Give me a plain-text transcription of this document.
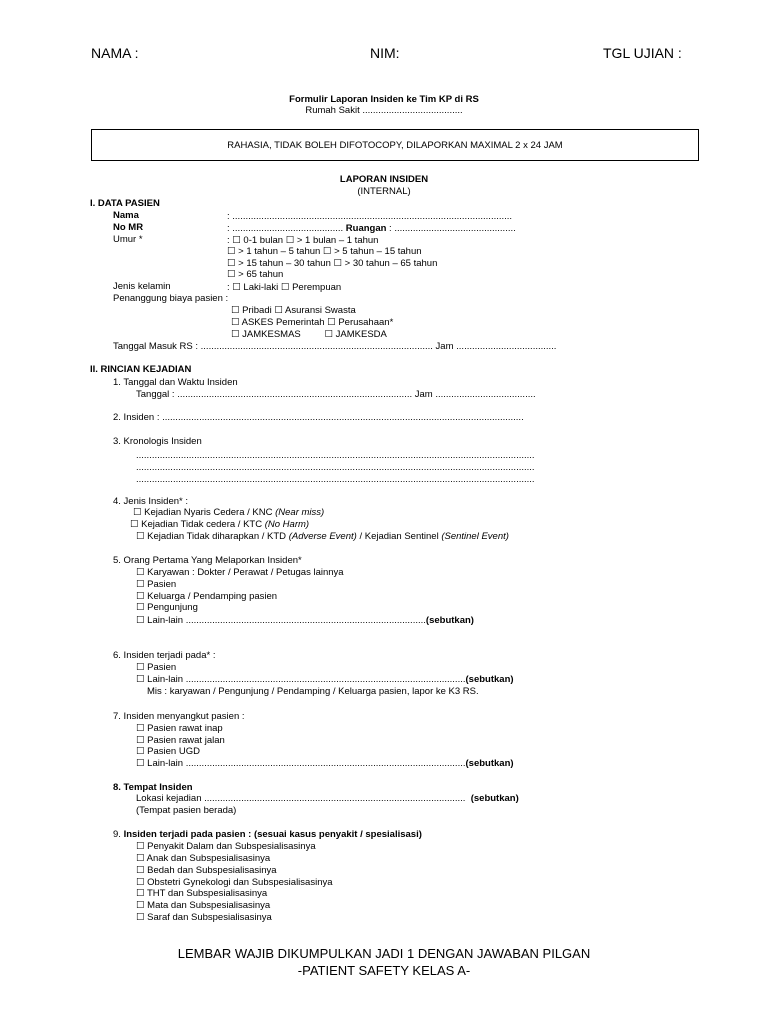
NAMA :	NIM:	TGL UJIAN :
Formulir Laporan Insiden ke Tim KP di RS
Rumah Sakit ......................................
RAHASIA, TIDAK BOLEH DIFOTOCOPY, DILAPORKAN MAXIMAL 2 x 24 JAM
LAPORAN INSIDEN
(INTERNAL)
I. DATA PASIEN
Nama	: ..........................................................................................................
No MR	: .......................................... Ruangan : ..............................................
Umur *	: ☐ 0-1 bulan ☐ > 1 bulan – 1 tahun
☐ > 1 tahun – 5 tahun ☐ > 5 tahun – 15 tahun
☐ > 15 tahun – 30 tahun ☐ > 30 tahun – 65 tahun
☐ > 65 tahun
Jenis kelamin	: ☐ Laki-laki ☐ Perempuan
Penanggung biaya pasien :
☐ Pribadi ☐ Asuransi Swasta
☐ ASKES Pemerintah ☐ Perusahaan*
☐ JAMKESMAS         ☐ JAMKESDA
Tanggal Masuk RS : ........................................................................................ Jam ......................................
II. RINCIAN KEJADIAN
1. Tanggal dan Waktu Insiden
Tanggal : ......................................................................................... Jam ......................................
2. Insiden : .........................................................................................................................................
3. Kronologis Insiden
.......................................................................................................................................................
.......................................................................................................................................................
.......................................................................................................................................................
4. Jenis Insiden* :
☐ Kejadian Nyaris Cedera / KNC (Near miss)
☐ Kejadian Tidak cedera / KTC (No Harm)
☐ Kejadian Tidak diharapkan / KTD (Adverse Event) / Kejadian Sentinel (Sentinel Event)
5. Orang Pertama Yang Melaporkan Insiden*
☐ Karyawan : Dokter / Perawat / Petugas lainnya
☐ Pasien
☐ Keluarga / Pendamping pasien
☐ Pengunjung
☐ Lain-lain ...........................................................................................(sebutkan)
6. Insiden terjadi pada* :
☐ Pasien
☐ Lain-lain ..........................................................................................................(sebutkan)
Mis : karyawan / Pengunjung / Pendamping / Keluarga pasien, lapor ke K3 RS.
7. Insiden menyangkut pasien :
☐ Pasien rawat inap
☐ Pasien rawat jalan
☐ Pasien UGD
☐ Lain-lain ..........................................................................................................(sebutkan)
8. Tempat Insiden
Lokasi kejadian ...................................................................................................  (sebutkan)
(Tempat pasien berada)
9. Insiden terjadi pada pasien : (sesuai kasus penyakit / spesialisasi)
☐ Penyakit Dalam dan Subspesialisasinya
☐ Anak dan Subspesialisasinya
☐ Bedah dan Subspesialisasinya
☐ Obstetri Gynekologi dan Subspesialisasinya
☐ THT dan Subspesialisasinya
☐ Mata dan Subspesialisasinya
☐ Saraf dan Subspesialisasinya
LEMBAR WAJIB DIKUMPULKAN JADI 1 DENGAN JAWABAN PILGAN
-PATIENT SAFETY KELAS A-
